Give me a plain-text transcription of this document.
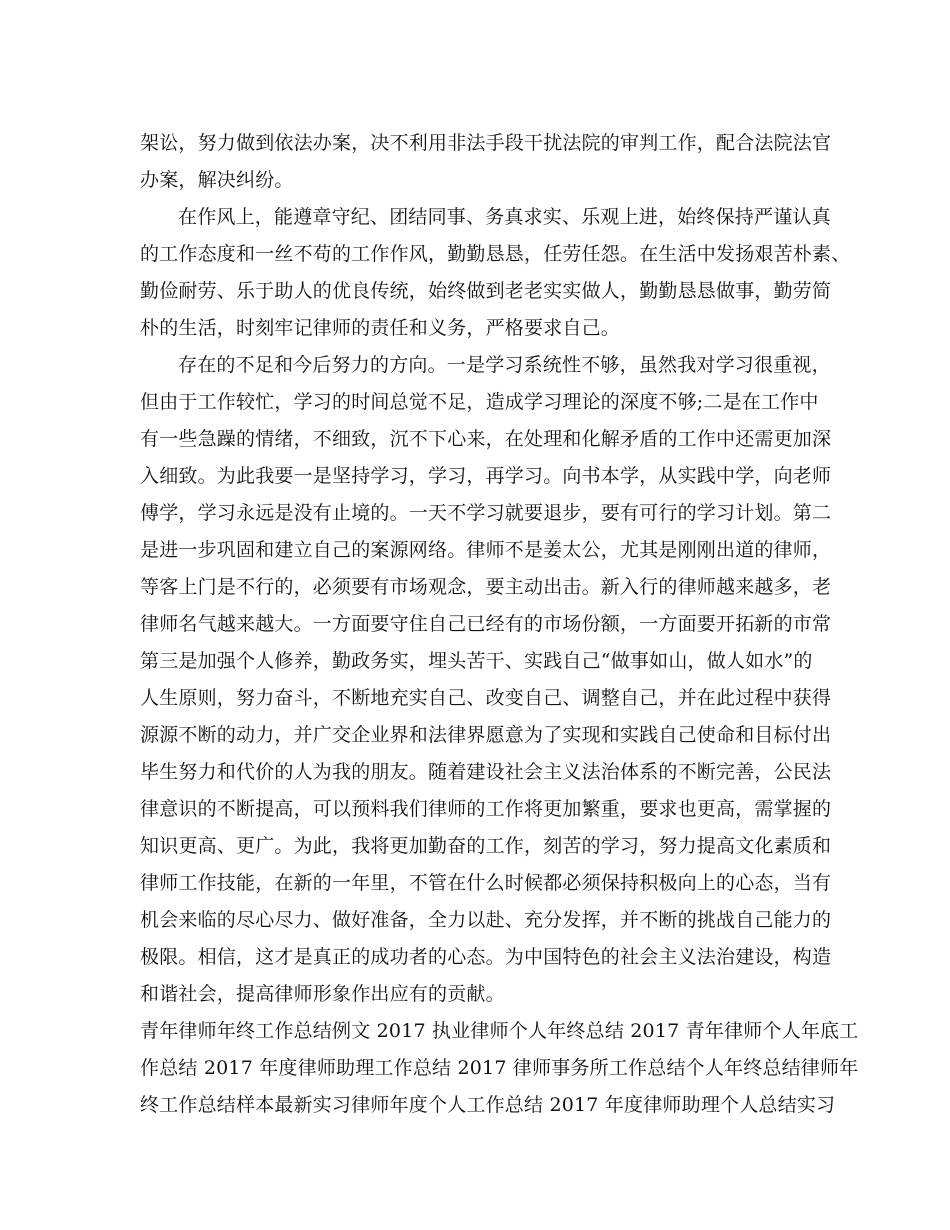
架讼，努力做到依法办案，决不利用非法手段干扰法院的审判工作，配合法院法官
办案，解决纠纷。
在作风上，能遵章守纪、团结同事、务真求实、乐观上进，始终保持严谨认真
的工作态度和一丝不苟的工作作风，勤勤恳恳，任劳任怨。在生活中发扬艰苦朴素、
勤俭耐劳、乐于助人的优良传统，始终做到老老实实做人，勤勤恳恳做事，勤劳简
朴的生活，时刻牢记律师的责任和义务，严格要求自己。
存在的不足和今后努力的方向。一是学习系统性不够，虽然我对学习很重视，
但由于工作较忙，学习的时间总觉不足，造成学习理论的深度不够;二是在工作中
有一些急躁的情绪，不细致，沉不下心来，在处理和化解矛盾的工作中还需更加深
入细致。为此我要一是坚持学习，学习，再学习。向书本学，从实践中学，向老师
傅学，学习永远是没有止境的。一天不学习就要退步，要有可行的学习计划。第二
是进一步巩固和建立自己的案源网络。律师不是姜太公，尤其是刚刚出道的律师，
等客上门是不行的，必须要有市场观念，要主动出击。新入行的律师越来越多，老
律师名气越来越大。一方面要守住自己已经有的市场份额，一方面要开拓新的市常
第三是加强个人修养，勤政务实，埋头苦干、实践自己“做事如山，做人如水”的
人生原则，努力奋斗，不断地充实自己、改变自己、调整自己，并在此过程中获得
源源不断的动力，并广交企业界和法律界愿意为了实现和实践自己使命和目标付出
毕生努力和代价的人为我的朋友。随着建设社会主义法治体系的不断完善，公民法
律意识的不断提高，可以预料我们律师的工作将更加繁重，要求也更高，需掌握的
知识更高、更广。为此，我将更加勤奋的工作，刻苦的学习，努力提高文化素质和
律师工作技能，在新的一年里，不管在什么时候都必须保持积极向上的心态，当有
机会来临的尽心尽力、做好准备，全力以赴、充分发挥，并不断的挑战自己能力的
极限。相信，这才是真正的成功者的心态。为中国特色的社会主义法治建设，构造
和谐社会，提高律师形象作出应有的贡献。
青年律师年终工作总结例文 2017 执业律师个人年终总结 2017 青年律师个人年底工
作总结 2017 年度律师助理工作总结 2017 律师事务所工作总结个人年终总结律师年
终工作总结样本最新实习律师年度个人工作总结 2017 年度律师助理个人总结实习
